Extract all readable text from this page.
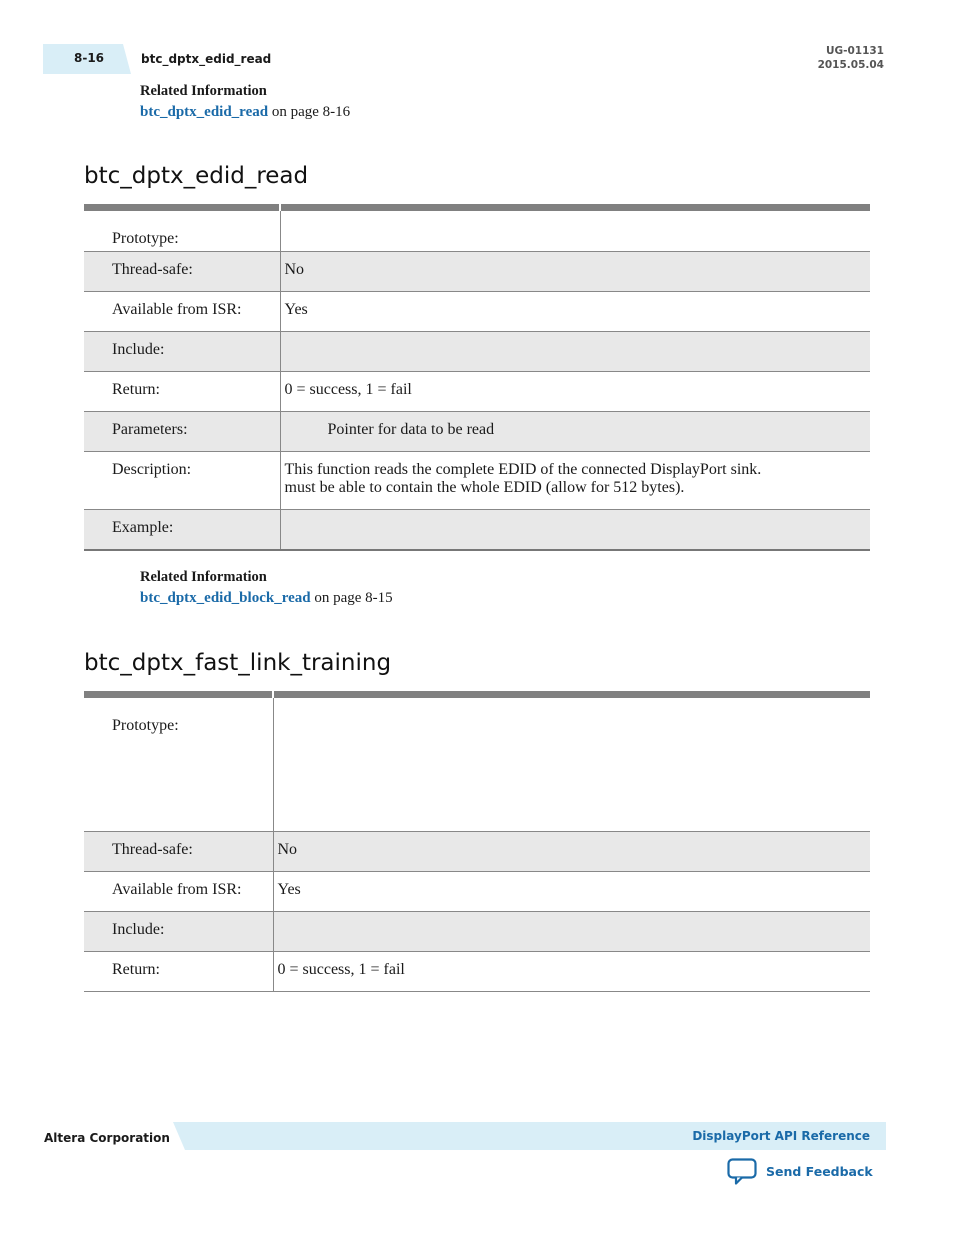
8-16	btc_dptx_edid_read
UG-01131
2015.05.04
Related Information
btc_dptx_edid_read on page 8-16
btc_dptx_edid_read

Prototype:	
Thread-safe:	No
Available from ISR:	Yes
Include:	
Return:	0 = success, 1 = fail
Parameters:	Pointer for data to be read
Description:	This function reads the complete EDID of the connected DisplayPort sink.
must be able to contain the whole EDID (allow for 512 bytes).

Example:	
Related Information
btc_dptx_edid_block_read on page 8-15
btc_dptx_fast_link_training

Prototype:	
Thread-safe:	No
Available from ISR:	Yes
Include:	
Return:	0 = success, 1 = fail
Altera Corporation	DisplayPort API Reference
Send Feedback
